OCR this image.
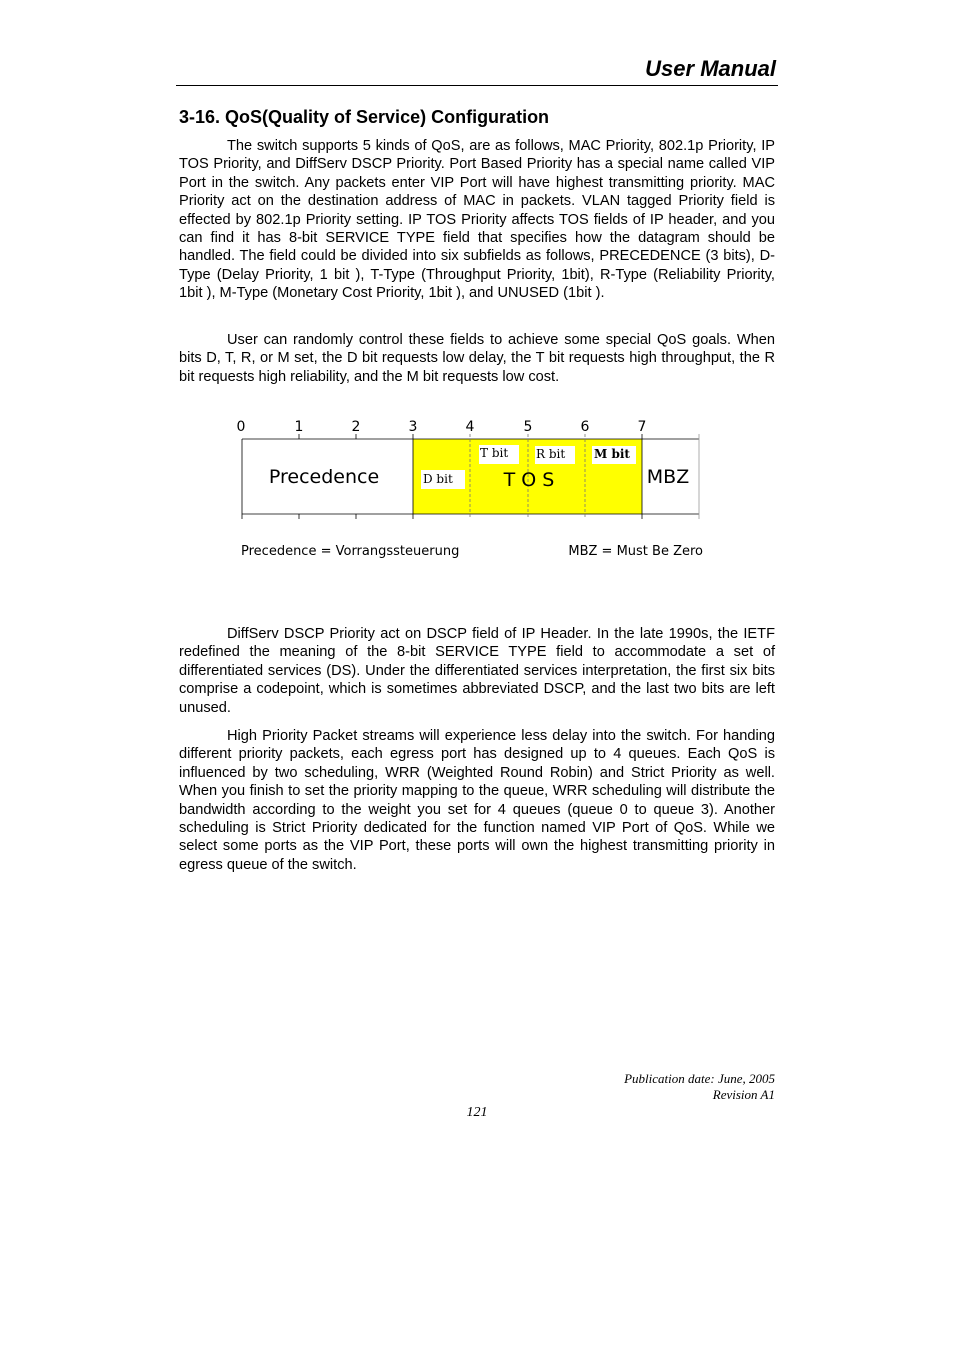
User Manual
3-16. QoS(Quality of Service) Configuration

The switch supports 5 kinds of QoS, are as follows, MAC Priority, 802.1p Priority, IP TOS Priority, and DiffServ DSCP Priority. Port Based Priority has a special name called VIP Port in the switch. Any packets enter VIP Port will have highest transmitting priority. MAC Priority act on the destination address of MAC in packets. VLAN tagged Priority field is effected by 802.1p Priority setting. IP TOS Priority affects TOS fields of IP header, and you can find it has 8-bit SERVICE TYPE field that specifies how the datagram should be handled. The field could be divided into six subfields as follows, PRECEDENCE (3 bits), D-Type (Delay Priority, 1 bit ), T-Type (Throughput Priority, 1bit), R-Type (Reliability Priority, 1bit ), M-Type (Monetary Cost Priority, 1bit ), and UNUSED (1bit ).

User can randomly control these fields to achieve some special QoS goals. When bits D, T, R, or M set, the D bit requests low delay, the T bit requests high throughput, the R bit requests high reliability, and the M bit requests low cost.

0	1	2	3	4	5	6	7
D bit
T bit R bit M bit
Precedence	T O S	MBZ
Precedence = Vorrangssteuerung	MBZ = Must Be Zero

DiffServ DSCP Priority act on DSCP field of IP Header. In the late 1990s, the IETF redefined the meaning of the 8-bit SERVICE TYPE field to accommodate a set of differentiated services (DS). Under the differentiated services interpretation, the first six bits comprise a codepoint, which is sometimes abbreviated DSCP, and the last two bits are left unused.

High Priority Packet streams will experience less delay into the switch. For handing different priority packets, each egress port has designed up to 4 queues. Each QoS is influenced by two scheduling, WRR (Weighted Round Robin) and Strict Priority as well. When you finish to set the priority mapping to the queue, WRR scheduling will distribute the bandwidth according to the weight you set for 4 queues (queue 0 to queue 3). Another scheduling is Strict Priority dedicated for the function named VIP Port of QoS. While we select some ports as the VIP Port, these ports will own the highest transmitting priority in egress queue of the switch.

Publication date: June, 2005
Revision A1
121
